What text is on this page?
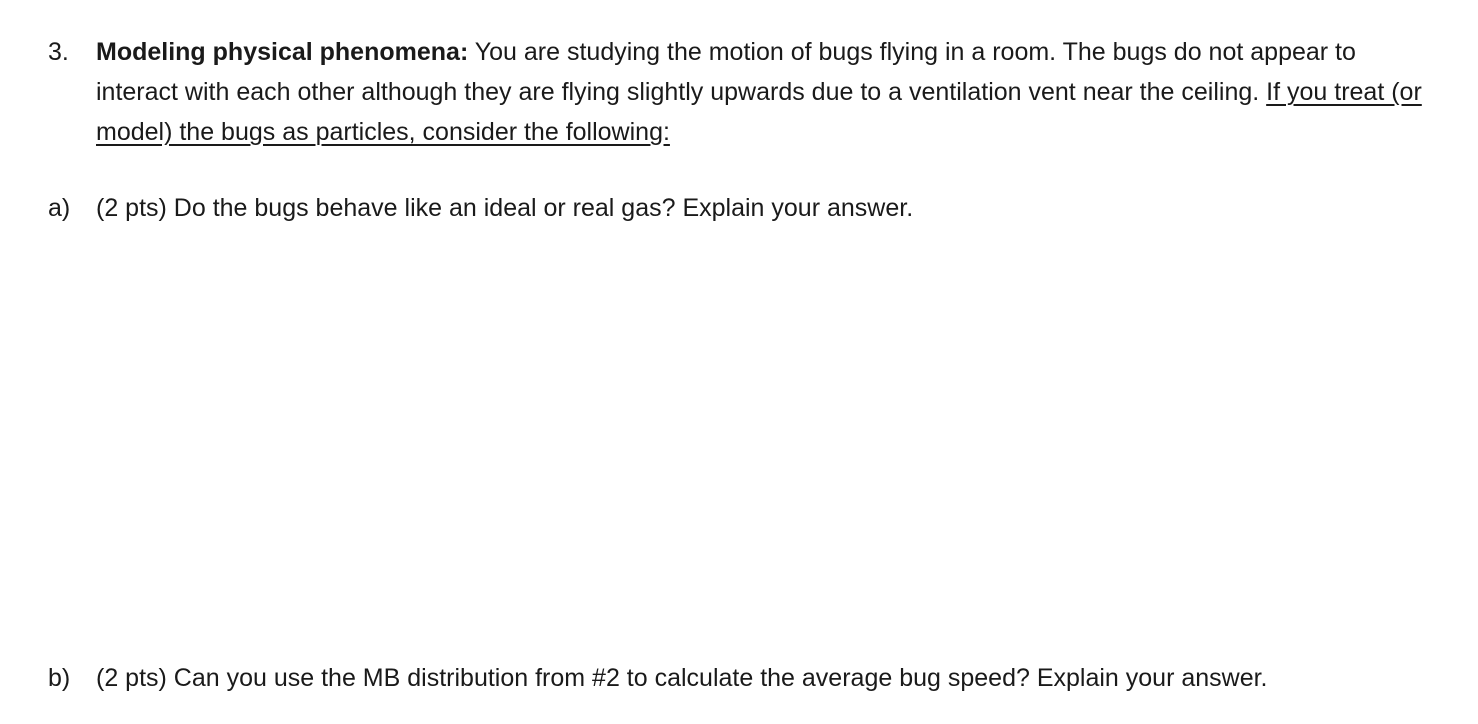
3.	Modeling physical phenomena: You are studying the motion of bugs flying in a room. The bugs do not appear to interact with each other although they are flying slightly upwards due to a ventilation vent near the ceiling. If you treat (or model) the bugs as particles, consider the following:
a) (2 pts) Do the bugs behave like an ideal or real gas? Explain your answer.
b) (2 pts) Can you use the MB distribution from #2 to calculate the average bug speed? Explain your answer.
